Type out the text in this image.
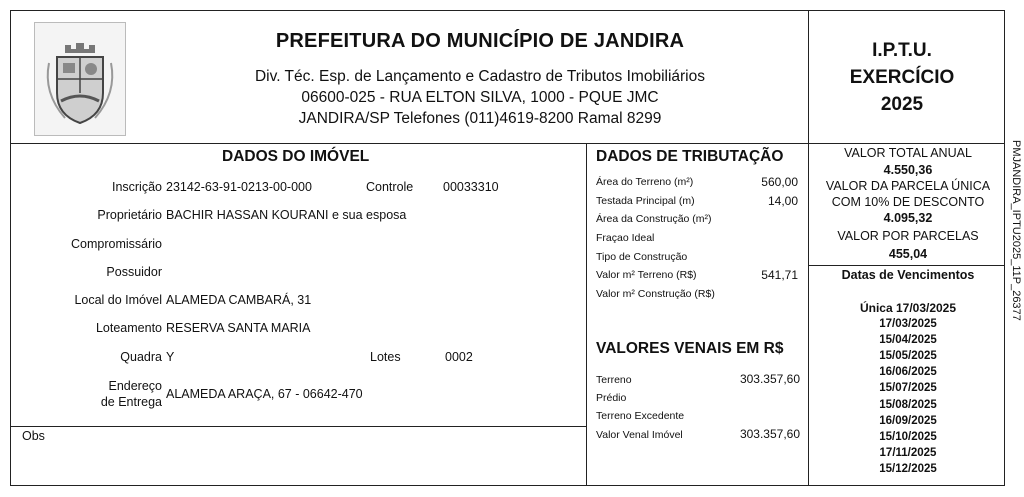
PREFEITURA DO MUNICÍPIO DE JANDIRA
Div. Téc. Esp. de Lançamento e Cadastro de Tributos Imobiliários
06600-025 - RUA ELTON SILVA, 1000 - PQUE JMC
JANDIRA/SP Telefones (011)4619-8200 Ramal 8299
I.P.T.U.
EXERCÍCIO
2025
DADOS DO IMÓVEL
Inscrição 23142-63-91-0213-00-000	Controle 00033310
Proprietário BACHIR HASSAN KOURANI e sua esposa
Compromissário
Possuidor
Local do Imóvel ALAMEDA CAMBARÁ, 31
Loteamento RESERVA SANTA MARIA
Quadra Y	Lotes	0002
Endereço
de Entrega
ALAMEDA ARAÇA, 67 - 06642-470
Obs
DADOS DE TRIBUTAÇÃO
Área do Terreno (m²)	560,00
Testada Principal (m)	14,00
Área da Construção (m²)
Fraçao Ideal
Tipo de Construção
Valor m² Terreno (R$)	541,71
Valor m² Construção (R$)
VALORES VENAIS EM R$
Terreno	303.357,60
Prédio
Terreno Excedente
Valor Venal Imóvel	303.357,60
VALOR TOTAL ANUAL
4.550,36
VALOR DA PARCELA ÚNICA
COM 10% DE DESCONTO
4.095,32
VALOR POR PARCELAS
455,04
Datas de Vencimentos
Única 17/03/2025
17/03/2025
15/04/2025
15/05/2025
16/06/2025
15/07/2025
15/08/2025
16/09/2025
15/10/2025
17/11/2025
15/12/2025
PMJANDIRA_IPTU2025_11P_26377
